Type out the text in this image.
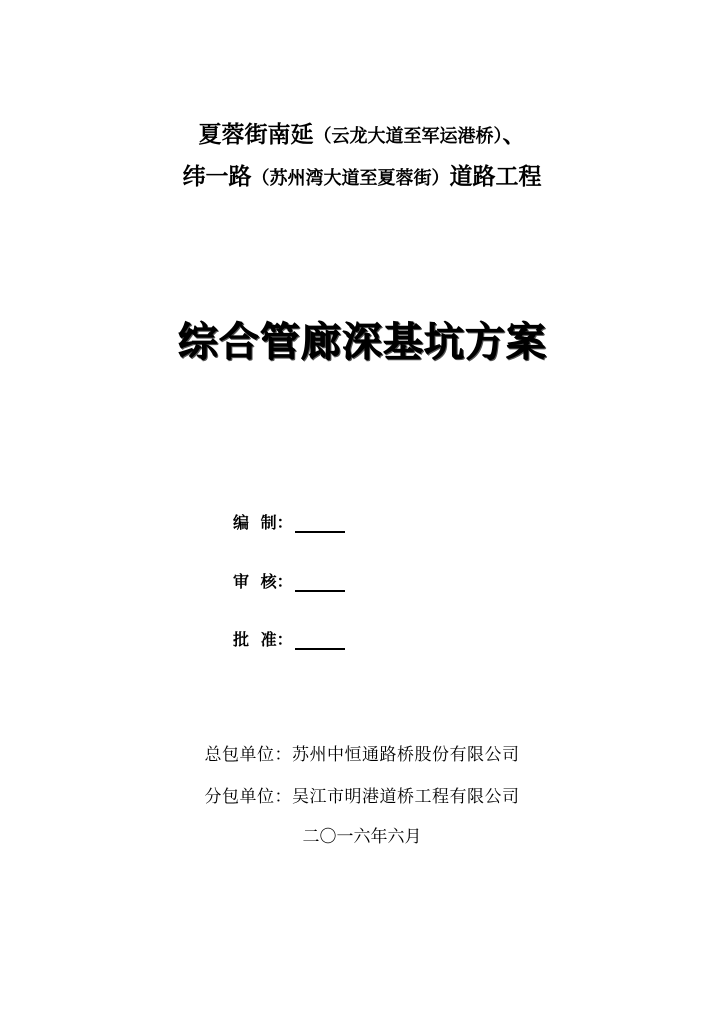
夏蓉街南延（云龙大道至军运港桥）、
纬一路（苏州湾大道至夏蓉街）道路工程
综合管廊深基坑方案
编 制：
审 核：
批 准：
总包单位：苏州中恒通路桥股份有限公司
分包单位：吴江市明港道桥工程有限公司
二〇一六年六月
